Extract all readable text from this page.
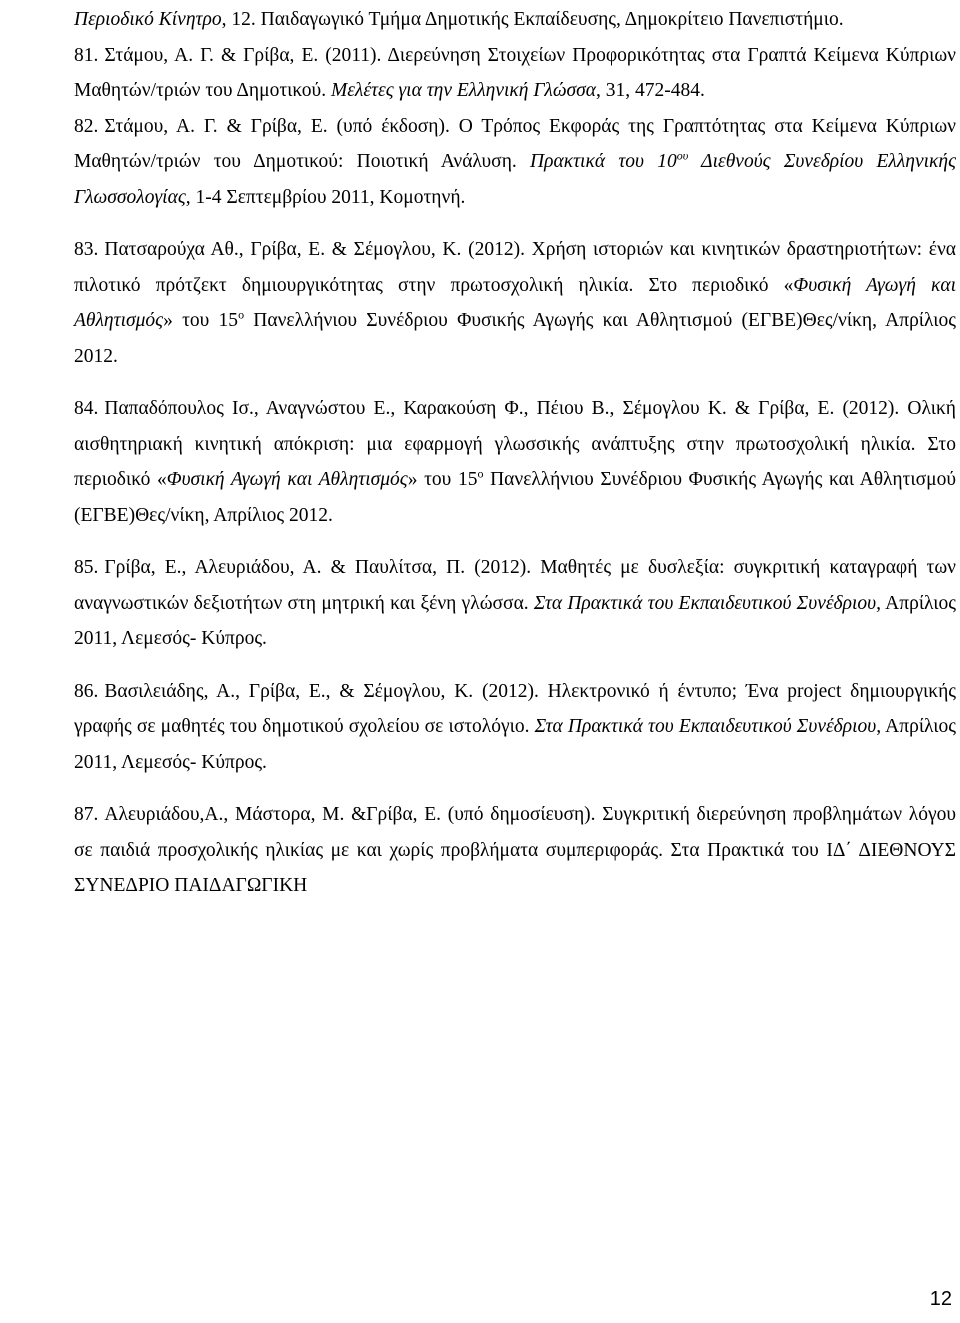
Περιοδικό Κίνητρο, 12. Παιδαγωγικό Τμήμα Δημοτικής Εκπαίδευσης, Δημοκρίτειο Πανεπιστήμιο.

81. Στάμου, Α. Γ. & Γρίβα, Ε. (2011). Διερεύνηση Στοιχείων Προφορικότητας στα Γραπτά Κείμενα Κύπριων Μαθητών/τριών του Δημοτικού. Μελέτες για την Ελληνική Γλώσσα, 31, 472-484.

82. Στάμου, Α. Γ. & Γρίβα, Ε. (υπό έκδοση). Ο Τρόπος Εκφοράς της Γραπτότητας στα Κείμενα Κύπριων Μαθητών/τριών του Δημοτικού: Ποιοτική Ανάλυση. Πρακτικά του $10^{o\upsilon}$ Διεθνούς Συνεδρίου Ελληνικής Γλωσσολογίας, 1-4 Σεπτεμβρίου 2011, Κομοτηνή.

83. Πατσαρούχα Αθ., Γρίβα, Ε. & Σέμογλου, Κ. (2012). Χρήση ιστοριών και κινητικών δραστηριοτήτων: ένα πιλοτικό πρότζεκτ δημιουργικότητας στην πρωτοσχολική ηλικία. Στο περιοδικό «Φυσική Αγωγή και Αθλητισμός» του $15^o$ Πανελλήνιου Συνέδριου Φυσικής Αγωγής και Αθλητισμού (ΕΓΒΕ)Θες/νίκη, Απρίλιος 2012.

84. Παπαδόπουλος Ισ., Αναγνώστου Ε., Καρακούση Φ., Πέιου Β., Σέμογλου Κ. & Γρίβα, Ε. (2012). Ολική αισθητηριακή κινητική απόκριση: μια εφαρμογή γλωσσικής ανάπτυξης στην πρωτοσχολική ηλικία. Στο περιοδικό «Φυσική Αγωγή και Αθλητισμός» του $15^o$ Πανελλήνιου Συνέδριου Φυσικής Αγωγής και Αθλητισμού (ΕΓΒΕ)Θες/νίκη, Απρίλιος 2012.

85. Γρίβα, Ε., Αλευριάδου, Α. & Παυλίτσα, Π. (2012). Μαθητές με δυσλεξία: συγκριτική καταγραφή των αναγνωστικών δεξιοτήτων στη μητρική και ξένη γλώσσα. Στα Πρακτικά του Εκπαιδευτικού Συνέδριου, Απρίλιος 2011, Λεμεσός- Κύπρος.

86. Βασιλειάδης, Α., Γρίβα, Ε., & Σέμογλου, Κ. (2012). Ηλεκτρονικό ή έντυπο; Ένα project δημιουργικής γραφής σε μαθητές του δημοτικού σχολείου σε ιστολόγιο. Στα Πρακτικά του Εκπαιδευτικού Συνέδριου, Απρίλιος 2011, Λεμεσός- Κύπρος.

87. Αλευριάδου,Α., Μάστορα, Μ. &Γρίβα, Ε. (υπό δημοσίευση). Συγκριτική διερεύνηση προβλημάτων λόγου σε παιδιά προσχολικής ηλικίας με και χωρίς προβλήματα συμπεριφοράς. Στα Πρακτικά του ΙΔ΄ ΔΙΕΘΝΟΥΣ ΣΥΝΕΔΡΙΟ ΠΑΙΔΑΓΩΓΙΚΗ

12
